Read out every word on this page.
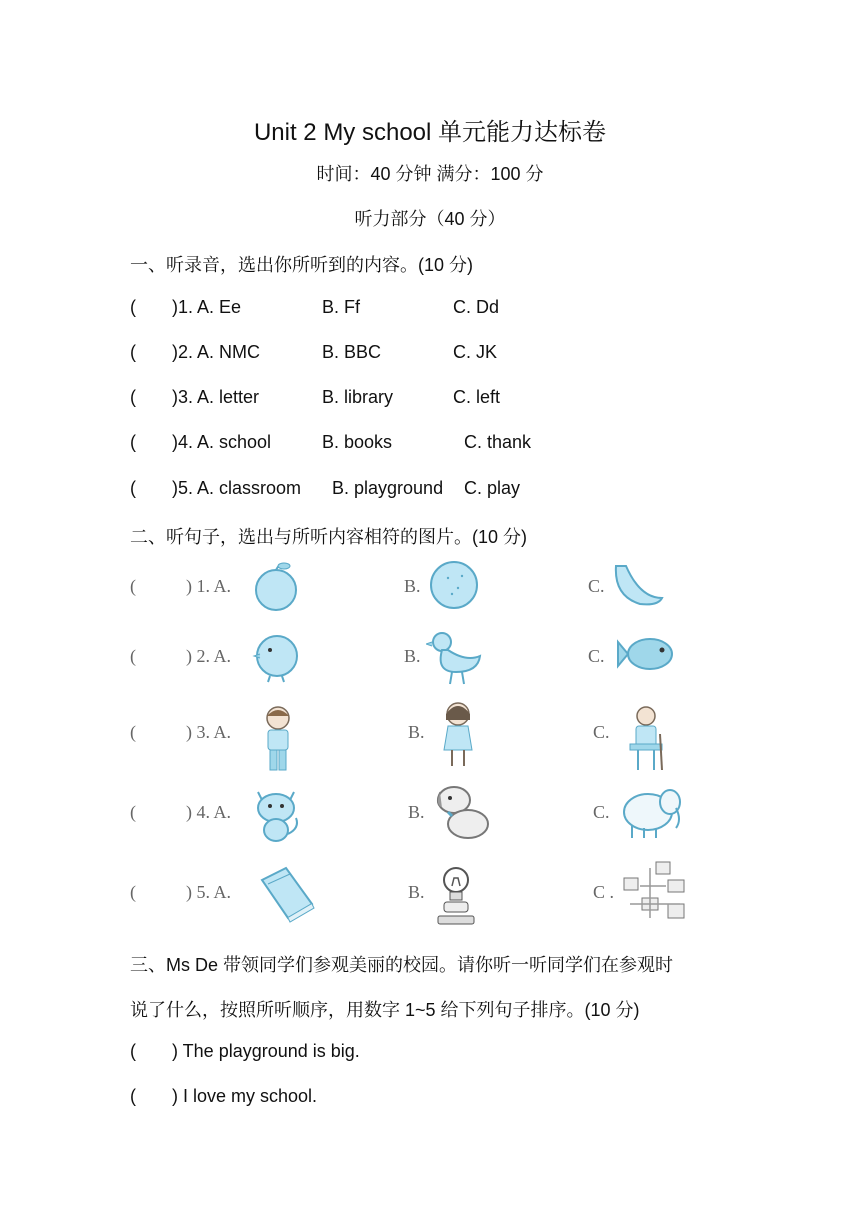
Unit 2 My school 单元能力达标卷
时间：40 分钟 满分：100 分
听力部分（40 分）
一、听录音，选出你所听到的内容。(10 分)
( )1. A. Ee	B. Ff	C. Dd
( )2. A. NMC	B. BBC	C. JK
( )3. A. letter	B. library	C. left
( )4. A. school	B. books	C. thank
( )5. A. classroom B. playground C. play
二、听句子，选出与所听内容相符的图片。(10 分)
(	) 1. A.	B.	C.
(	) 2. A.	B.	C.
(	) 3. A.	B.	C.
(	) 4. A.	B.	C.
(	) 5. A.	B.	C .
三、Ms De 带领同学们参观美丽的校园。请你听一听同学们在参观时
说了什么，按照所听顺序，用数字 1~5 给下列句子排序。(10 分)
( ) The playground is big.
( ) I love my school.
